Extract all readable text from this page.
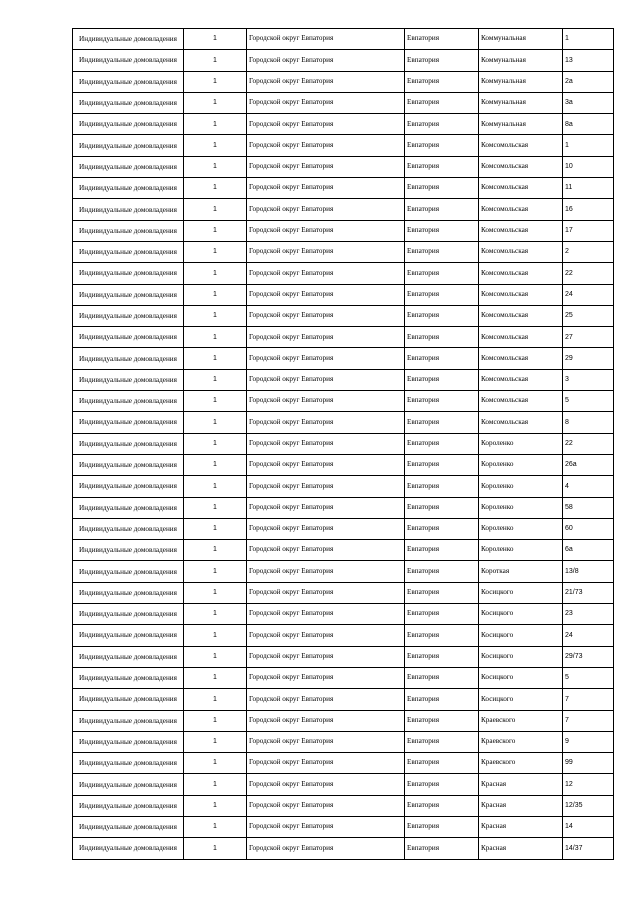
Индивидуальные домовладения	1	Городской округ Евпатория	Евпатория	Коммунальная	1
Индивидуальные домовладения	1	Городской округ Евпатория	Евпатория	Коммунальная	13
Индивидуальные домовладения	1	Городской округ Евпатория	Евпатория	Коммунальная	2а
Индивидуальные домовладения	1	Городской округ Евпатория	Евпатория	Коммунальная	3а
Индивидуальные домовладения	1	Городской округ Евпатория	Евпатория	Коммунальная	8а
Индивидуальные домовладения	1	Городской округ Евпатория	Евпатория	Комсомольская	1
Индивидуальные домовладения	1	Городской округ Евпатория	Евпатория	Комсомольская	10
Индивидуальные домовладения	1	Городской округ Евпатория	Евпатория	Комсомольская	11
Индивидуальные домовладения	1	Городской округ Евпатория	Евпатория	Комсомольская	16
Индивидуальные домовладения	1	Городской округ Евпатория	Евпатория	Комсомольская	17
Индивидуальные домовладения	1	Городской округ Евпатория	Евпатория	Комсомольская	2
Индивидуальные домовладения	1	Городской округ Евпатория	Евпатория	Комсомольская	22
Индивидуальные домовладения	1	Городской округ Евпатория	Евпатория	Комсомольская	24
Индивидуальные домовладения	1	Городской округ Евпатория	Евпатория	Комсомольская	25
Индивидуальные домовладения	1	Городской округ Евпатория	Евпатория	Комсомольская	27
Индивидуальные домовладения	1	Городской округ Евпатория	Евпатория	Комсомольская	29
Индивидуальные домовладения	1	Городской округ Евпатория	Евпатория	Комсомольская	3
Индивидуальные домовладения	1	Городской округ Евпатория	Евпатория	Комсомольская	5
Индивидуальные домовладения	1	Городской округ Евпатория	Евпатория	Комсомольская	8
Индивидуальные домовладения	1	Городской округ Евпатория	Евпатория	Короленко	22
Индивидуальные домовладения	1	Городской округ Евпатория	Евпатория	Короленко	26а
Индивидуальные домовладения	1	Городской округ Евпатория	Евпатория	Короленко	4
Индивидуальные домовладения	1	Городской округ Евпатория	Евпатория	Короленко	58
Индивидуальные домовладения	1	Городской округ Евпатория	Евпатория	Короленко	60
Индивидуальные домовладения	1	Городской округ Евпатория	Евпатория	Короленко	6а
Индивидуальные домовладения	1	Городской округ Евпатория	Евпатория	Короткая	13/8
Индивидуальные домовладения	1	Городской округ Евпатория	Евпатория	Косицкого	21/73
Индивидуальные домовладения	1	Городской округ Евпатория	Евпатория	Косицкого	23
Индивидуальные домовладения	1	Городской округ Евпатория	Евпатория	Косицкого	24
Индивидуальные домовладения	1	Городской округ Евпатория	Евпатория	Косицкого	29/73
Индивидуальные домовладения	1	Городской округ Евпатория	Евпатория	Косицкого	5
Индивидуальные домовладения	1	Городской округ Евпатория	Евпатория	Косицкого	7
Индивидуальные домовладения	1	Городской округ Евпатория	Евпатория	Краевского	7
Индивидуальные домовладения	1	Городской округ Евпатория	Евпатория	Краевского	9
Индивидуальные домовладения	1	Городской округ Евпатория	Евпатория	Краевского	99
Индивидуальные домовладения	1	Городской округ Евпатория	Евпатория	Красная	12
Индивидуальные домовладения	1	Городской округ Евпатория	Евпатория	Красная	12/35
Индивидуальные домовладения	1	Городской округ Евпатория	Евпатория	Красная	14
Индивидуальные домовладения	1	Городской округ Евпатория	Евпатория	Красная	14/37
